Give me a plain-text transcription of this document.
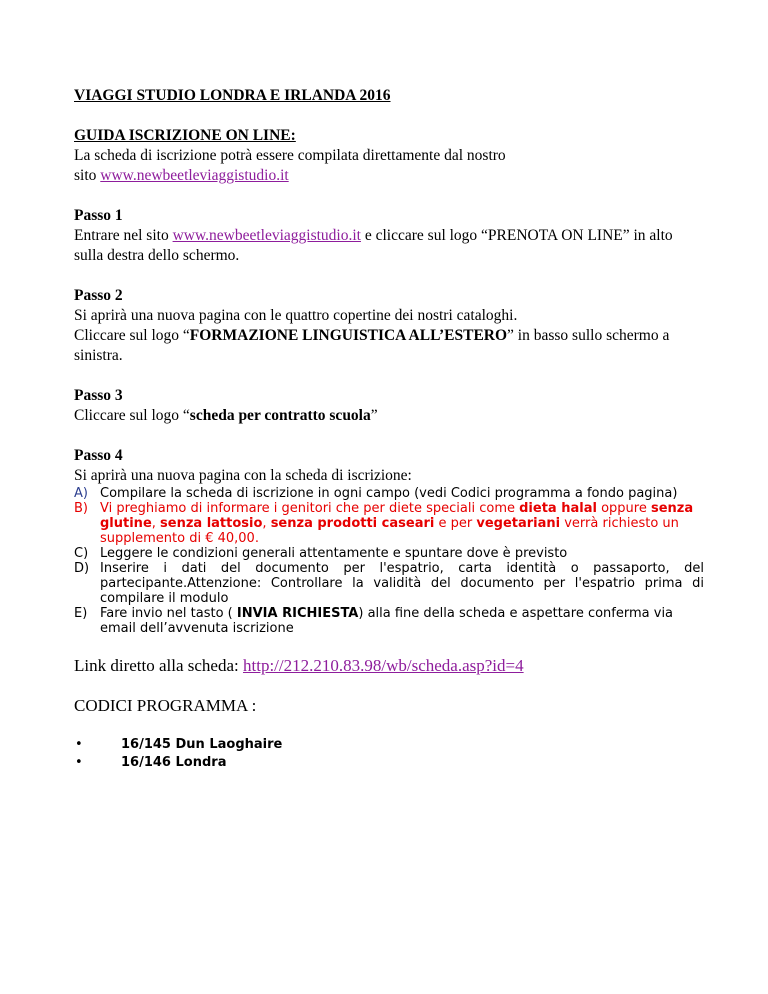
VIAGGI STUDIO LONDRA E IRLANDA 2016

GUIDA ISCRIZIONE ON LINE:

La scheda di iscrizione potrà essere compilata direttamente dal nostro

sito www.newbeetleviaggistudio.it

Passo 1

Entrare nel sito www.newbeetleviaggistudio.it e cliccare sul logo “PRENOTA ON LINE” in alto sulla destra dello schermo.

Passo 2

Si aprirà una nuova pagina con le quattro copertine dei nostri cataloghi.

Cliccare sul logo “FORMAZIONE LINGUISTICA ALL’ESTERO” in basso sullo schermo a sinistra.

Passo 3

Cliccare sul logo “scheda per contratto scuola”

Passo 4

Si aprirà una nuova pagina con la scheda di iscrizione:

A) Compilare la scheda di iscrizione in ogni campo (vedi Codici programma a fondo pagina)
B) Vi preghiamo di informare i genitori che per diete speciali come dieta halal oppure senza glutine, senza lattosio, senza prodotti caseari e per vegetariani verrà richiesto un supplemento di € 40,00.
C) Leggere le condizioni generali attentamente e spuntare dove è previsto
D) Inserire i dati del documento per l'espatrio, carta identità o passaporto, del partecipante.Attenzione: Controllare la validità del documento per l'espatrio prima di compilare il modulo
E) Fare invio nel tasto ( INVIA RICHIESTA) alla fine della scheda e aspettare conferma via email dell’avvenuta iscrizione

Link diretto alla scheda: http://212.210.83.98/wb/scheda.asp?id=4

CODICI PROGRAMMA :

•	16/145 Dun Laoghaire
•	16/146 Londra
